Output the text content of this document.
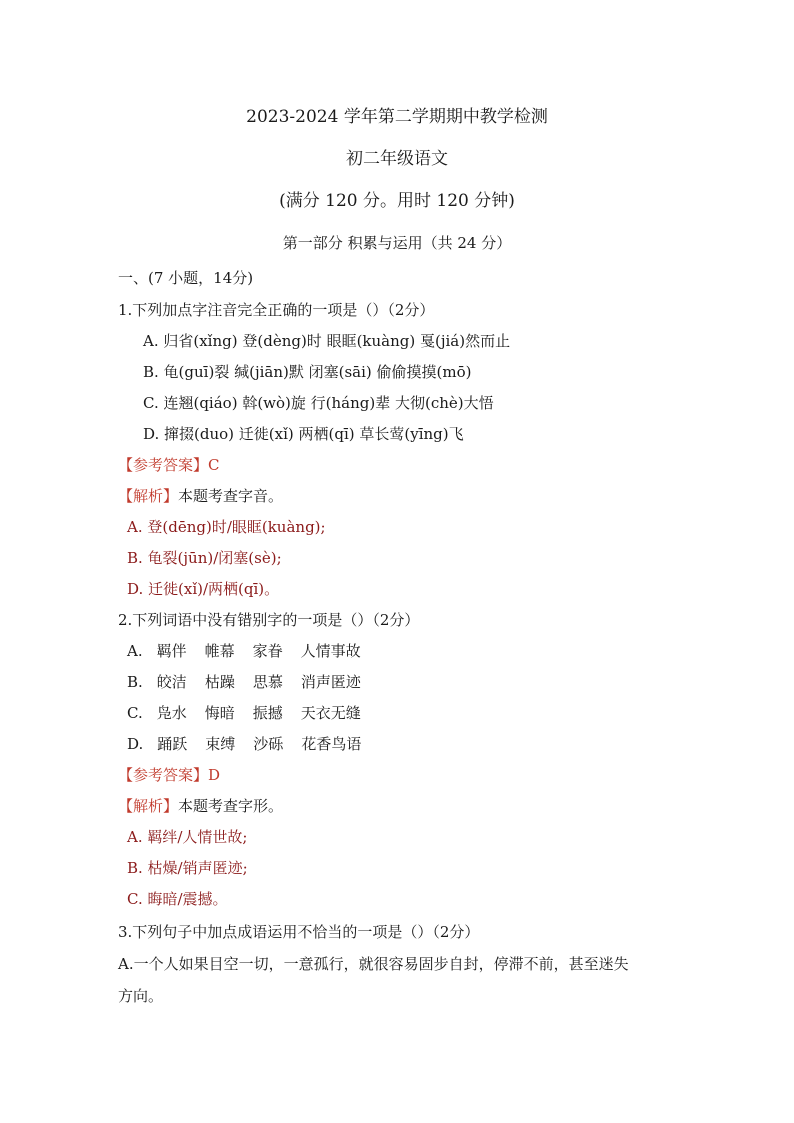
2023-2024 学年第二学期期中教学检测
初二年级语文
(满分 120 分。用时 120 分钟)
第一部分 积累与运用（共 24 分）
一、(7 小题，14分)
1.下列加点字注音完全正确的一项是（）（2分）
A. 归省(xǐng) 登(dèng)时 眼眶(kuàng) 戛(jiá)然而止
B. 龟(guī)裂 缄(jiān)默 闭塞(sāi) 偷偷摸摸(mō)
C. 连翘(qiáo) 斡(wò)旋 行(háng)辈 大彻(chè)大悟
D. 撺掇(duo) 迁徙(xǐ) 两栖(qī) 草长莺(yīng)飞
【参考答案】C
【解析】本题考查字音。
A. 登(dēng)时/眼眶(kuàng);
B. 龟裂(jūn)/闭塞(sè);
D. 迁徙(xǐ)/两栖(qī)。
2.下列词语中没有错别字的一项是（）（2分）
A. 羁伴 帷幕 家眷 人情事故
B. 皎洁 枯躁 思慕 消声匿迹
C. 凫水 悔暗 振撼 天衣无缝
D. 踊跃 束缚 沙砾 花香鸟语
【参考答案】D
【解析】本题考查字形。
A. 羁绊/人情世故;
B. 枯燥/销声匿迹;
C. 晦暗/震撼。
3.下列句子中加点成语运用不恰当的一项是（）（2分）
A.一个人如果目空一切，一意孤行，就很容易固步自封，停滞不前，甚至迷失
方向。
